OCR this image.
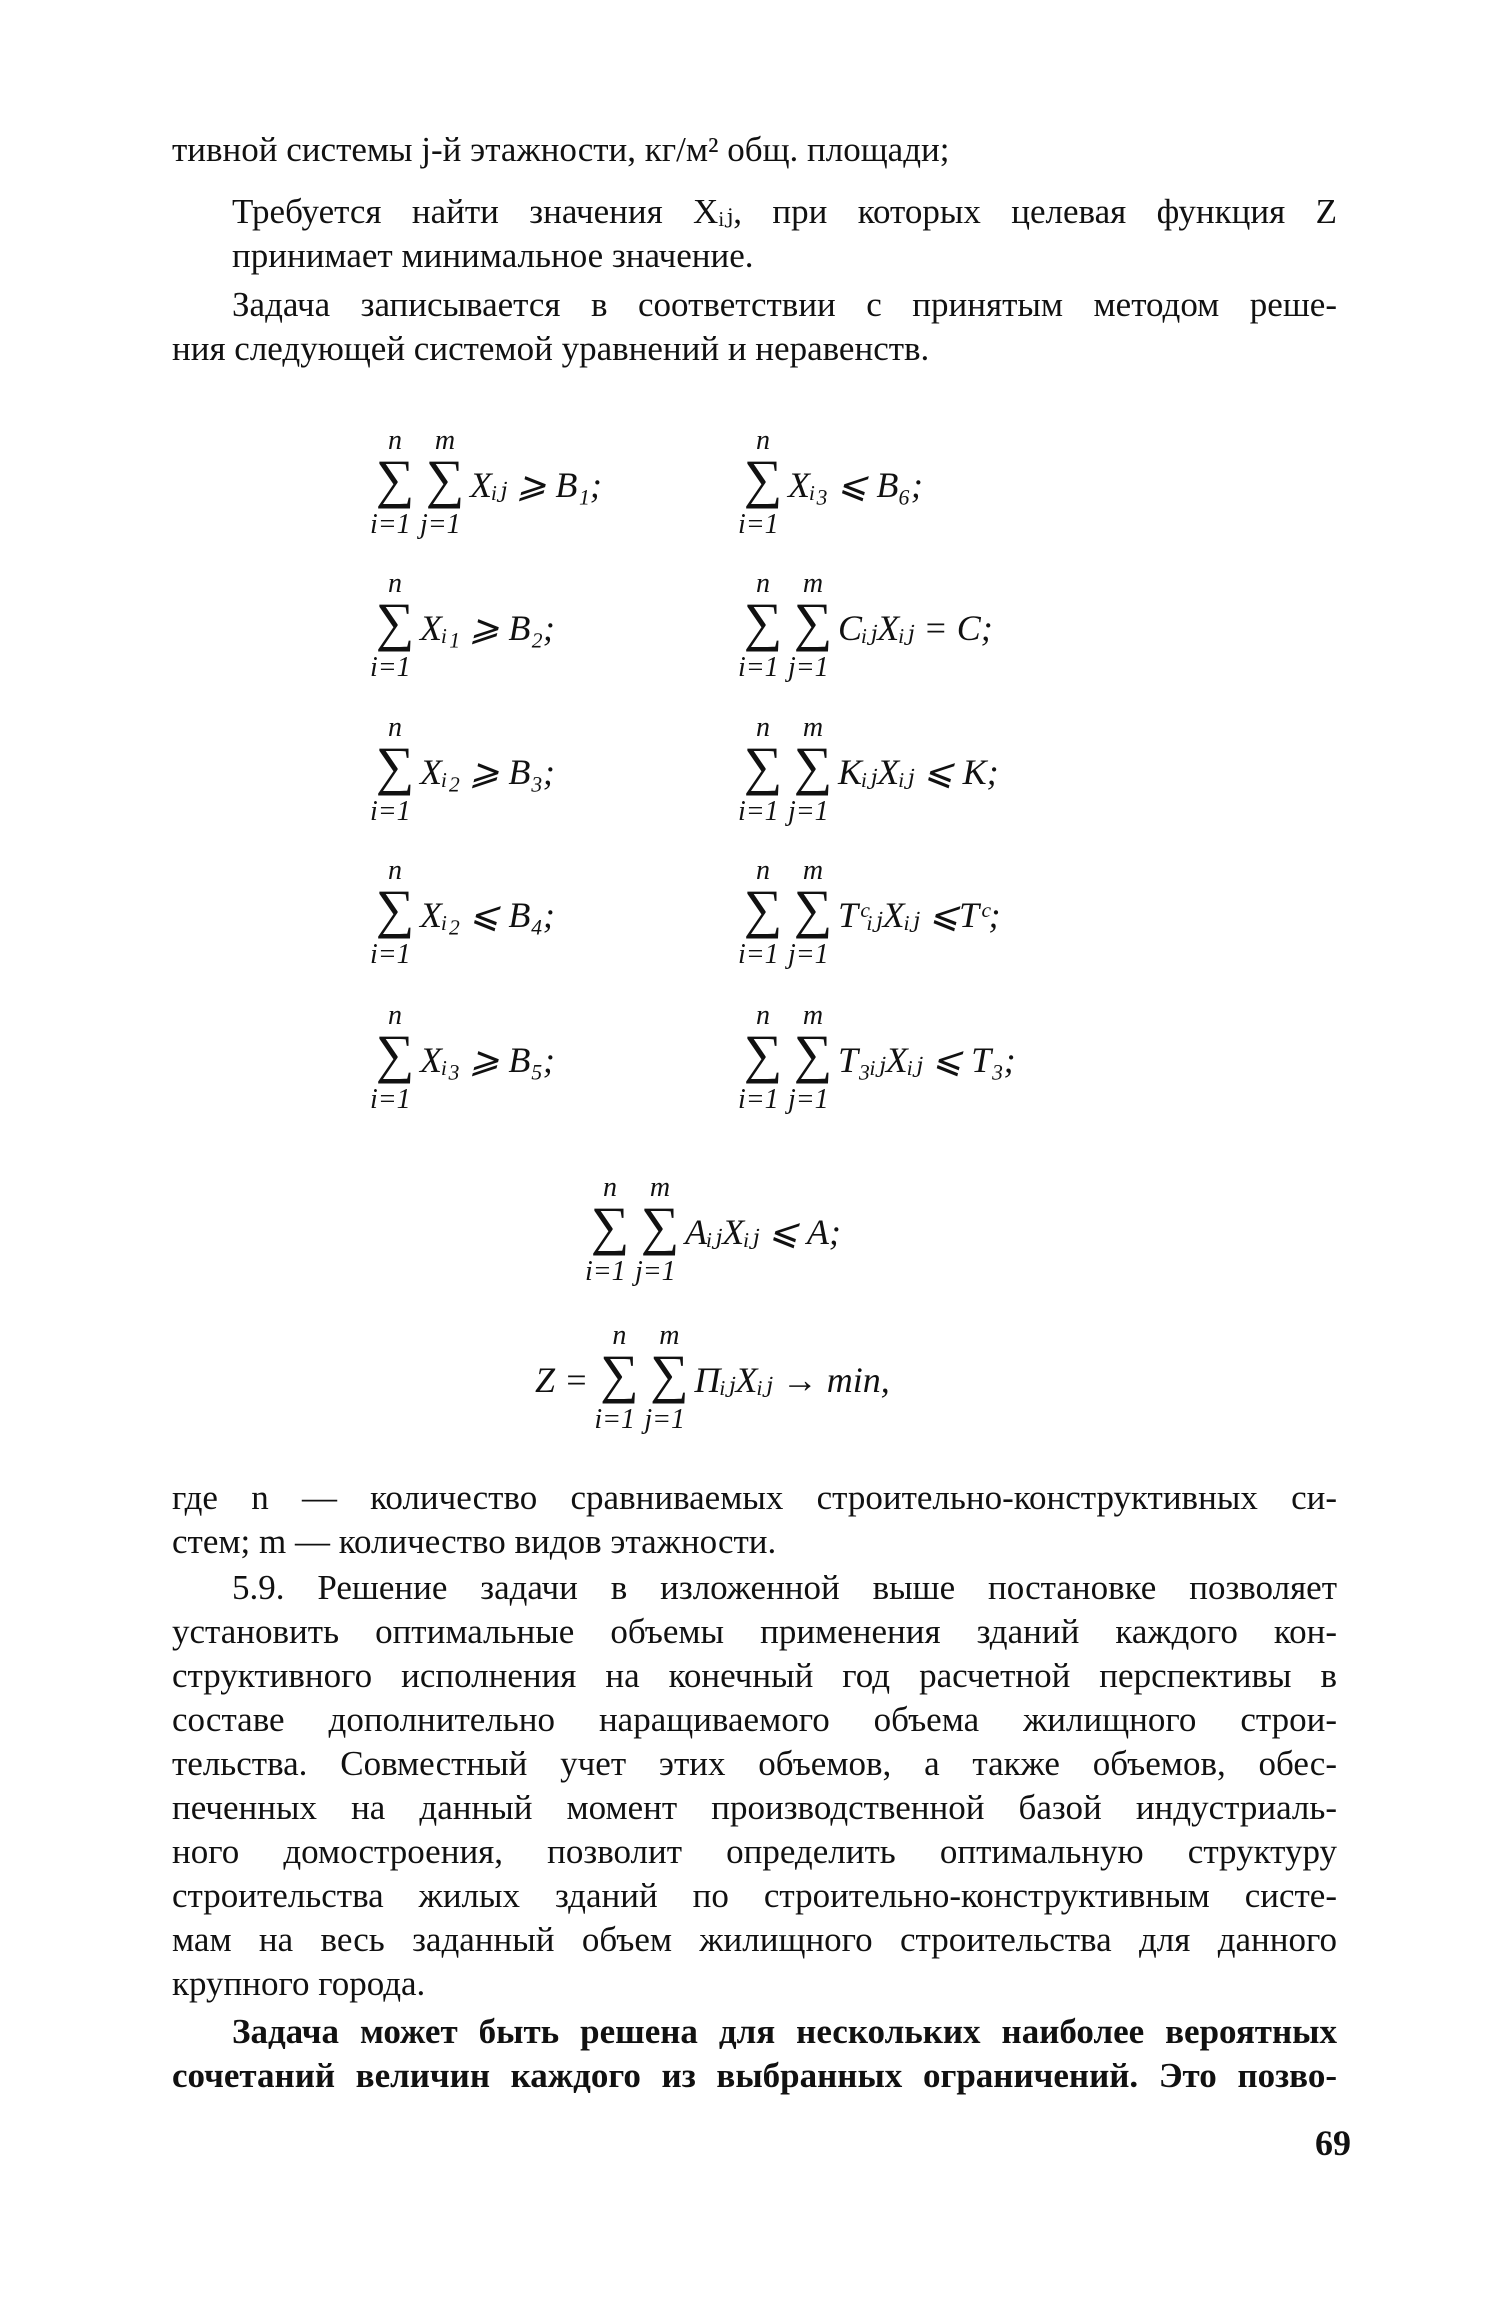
тивной системы j-й этажности, кг/м² общ. площади;
Требуется найти значения Xᵢⱼ, при которых целевая функция Z
принимает минимальное значение.
Задача записывается в соответствии с принятым методом реше-
ния следующей системой уравнений и неравенств.
n
∑
i=1
m
∑
j=1
Xᵢⱼ ⩾ B₁;
n
∑
i=1
Xᵢ₁ ⩾ B₂;
n
∑
i=1
Xᵢ₂ ⩾ B₃;
n
∑
i=1
Xᵢ₂ ⩽ B₄;
n
∑
i=1
Xᵢ₃ ⩾ B₅;
n
∑
i=1
Xᵢ₃ ⩽ B₆;
n
∑
i=1
m
∑
j=1
CᵢⱼXᵢⱼ = C;
n
∑
i=1
m
∑
j=1
KᵢⱼXᵢⱼ ⩽ K;
n
∑
i=1
m
∑
j=1
TᶜᵢⱼXᵢⱼ ⩽Tᶜ;
n
∑
i=1
m
∑
j=1
T₃ᵢⱼXᵢⱼ ⩽ T₃;
n
∑
i=1
m
∑
j=1
AᵢⱼXᵢⱼ ⩽ A;
Z =
n
∑
i=1
m
∑
j=1
ПᵢⱼXᵢⱼ → min,
где n — количество сравниваемых строительно-конструктивных си-
стем; m — количество видов этажности.
5.9. Решение задачи в изложенной выше постановке позволяет
установить оптимальные объемы применения зданий каждого кон-
структивного исполнения на конечный год расчетной перспективы в
составе дополнительно наращиваемого объема жилищного строи-
тельства. Совместный учет этих объемов, а также объемов, обес-
печенных на данный момент производственной базой индустриаль-
ного домостроения, позволит определить оптимальную структуру
строительства жилых зданий по строительно-конструктивным систе-
мам на весь заданный объем жилищного строительства для данного
крупного города.
Задача может быть решена для нескольких наиболее вероятных
сочетаний величин каждого из выбранных ограничений. Это позво-
69
